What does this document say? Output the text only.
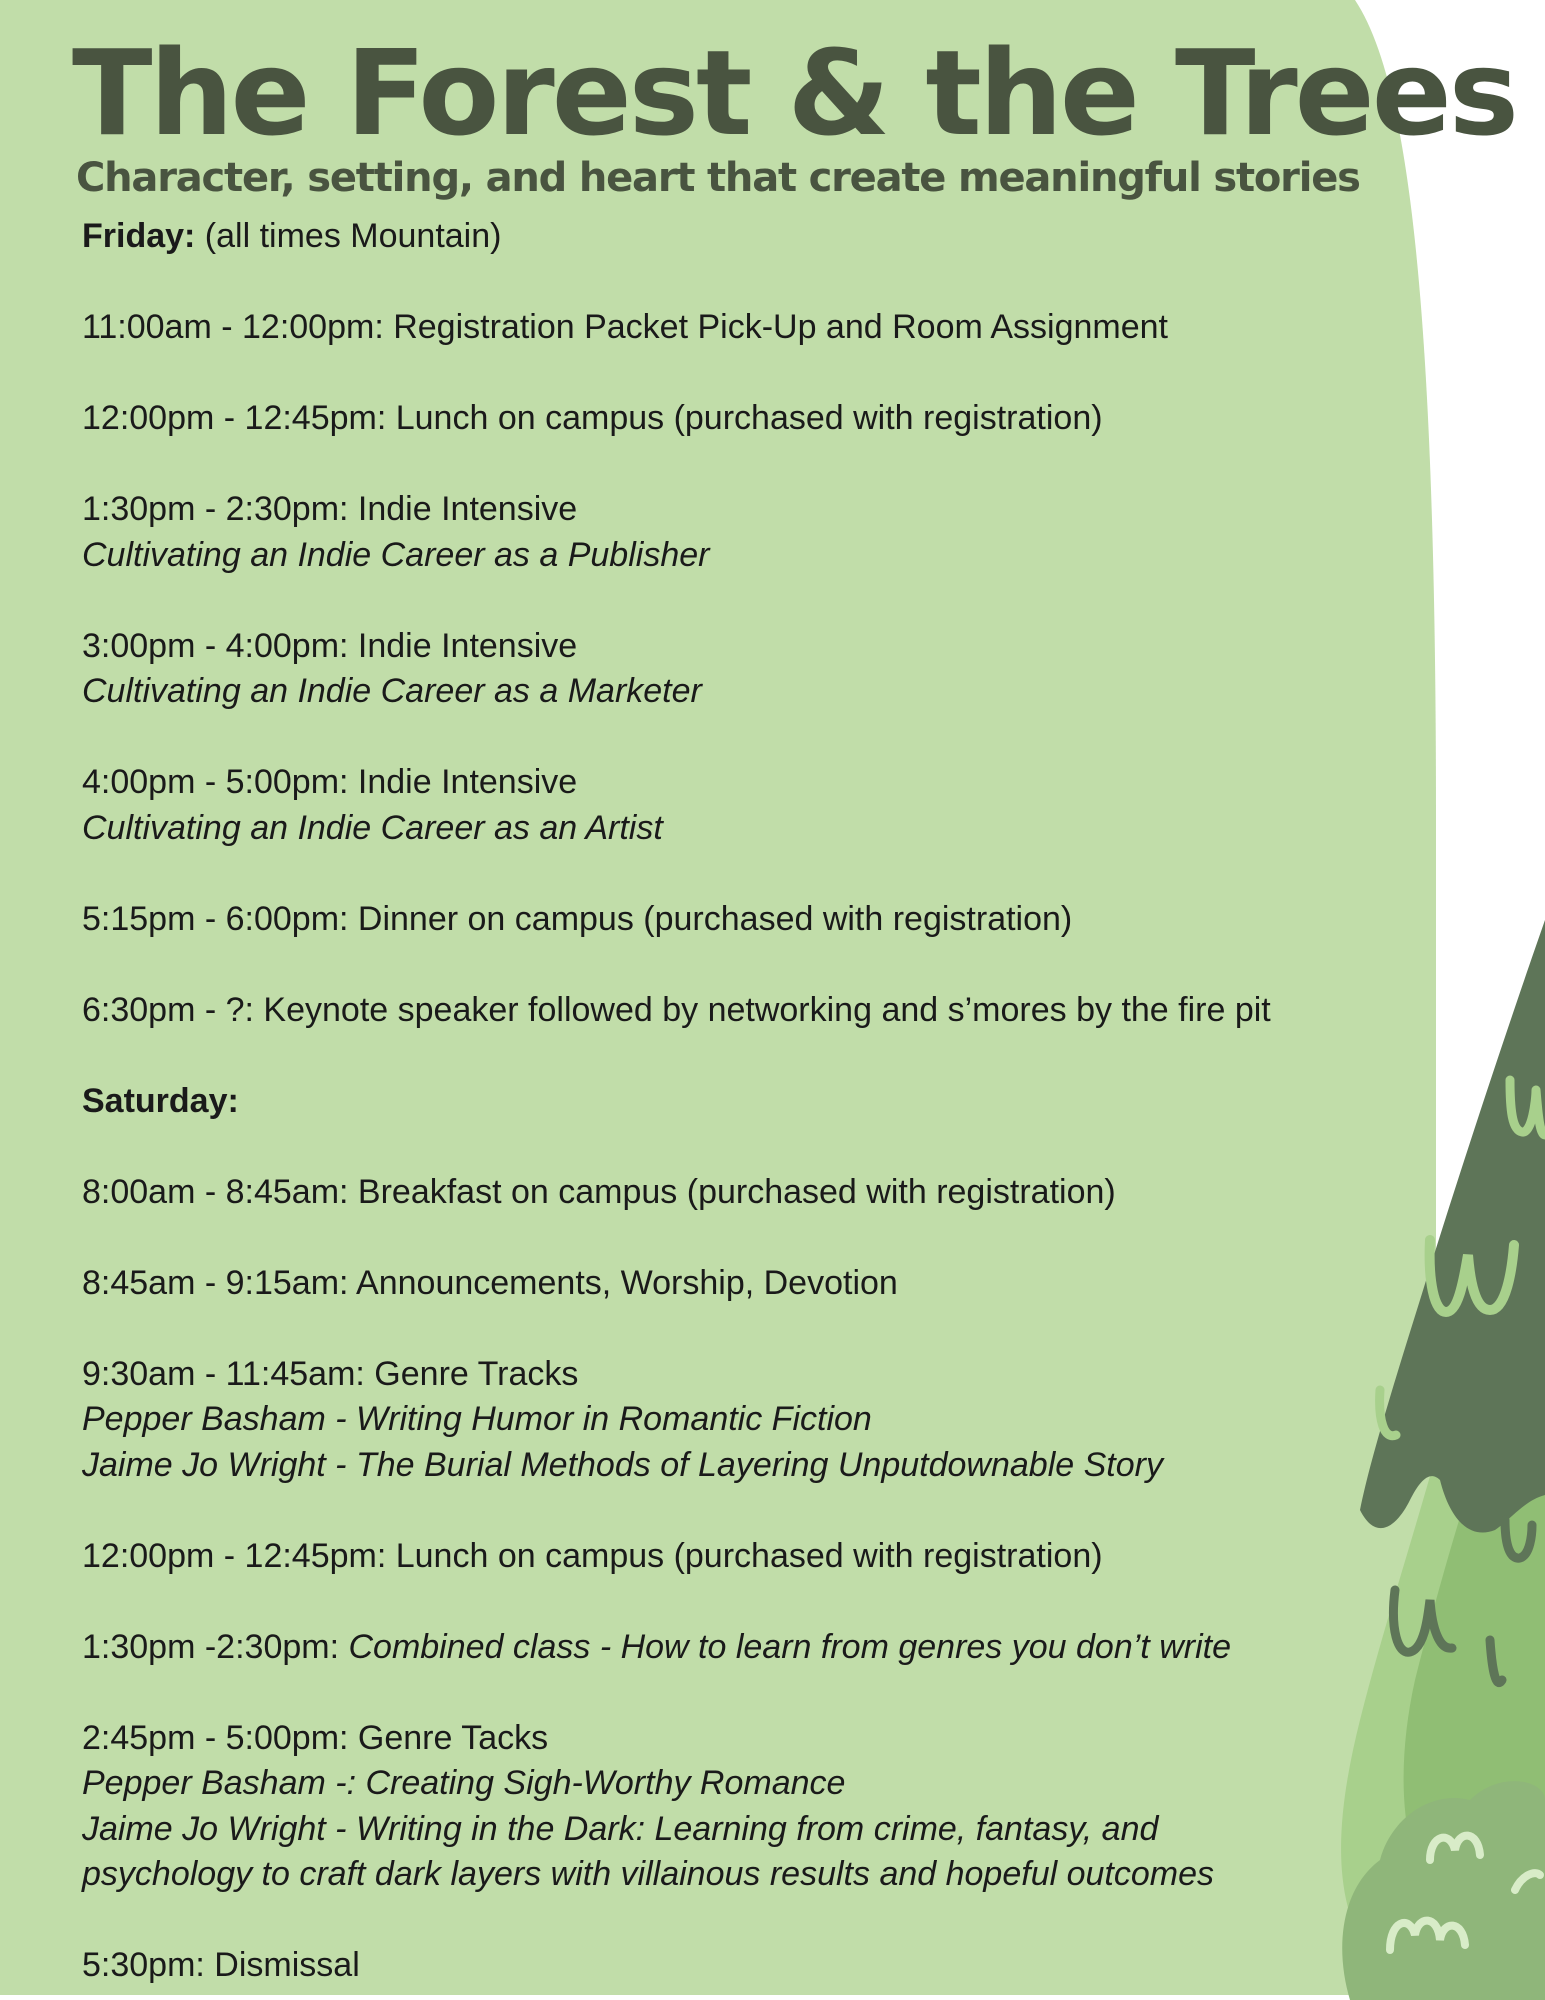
The Forest & the Trees
Character, setting, and heart that create meaningful stories
Friday: (all times Mountain)
11:00am - 12:00pm: Registration Packet Pick-Up and Room Assignment
12:00pm - 12:45pm: Lunch on campus (purchased with registration)
1:30pm - 2:30pm: Indie Intensive
Cultivating an Indie Career as a Publisher
3:00pm - 4:00pm: Indie Intensive
Cultivating an Indie Career as a Marketer
4:00pm - 5:00pm: Indie Intensive
Cultivating an Indie Career as an Artist
5:15pm - 6:00pm: Dinner on campus (purchased with registration)
6:30pm - ?: Keynote speaker followed by networking and s’mores by the fire pit
Saturday:
8:00am - 8:45am: Breakfast on campus (purchased with registration)
8:45am - 9:15am: Announcements, Worship, Devotion
9:30am - 11:45am: Genre Tracks
Pepper Basham - Writing Humor in Romantic Fiction
Jaime Jo Wright - The Burial Methods of Layering Unputdownable Story
12:00pm - 12:45pm: Lunch on campus (purchased with registration)
1:30pm -2:30pm: Combined class - How to learn from genres you don’t write
2:45pm - 5:00pm: Genre Tacks
Pepper Basham -: Creating Sigh-Worthy Romance
Jaime Jo Wright - Writing in the Dark: Learning from crime, fantasy, and
psychology to craft dark layers with villainous results and hopeful outcomes
5:30pm: Dismissal
